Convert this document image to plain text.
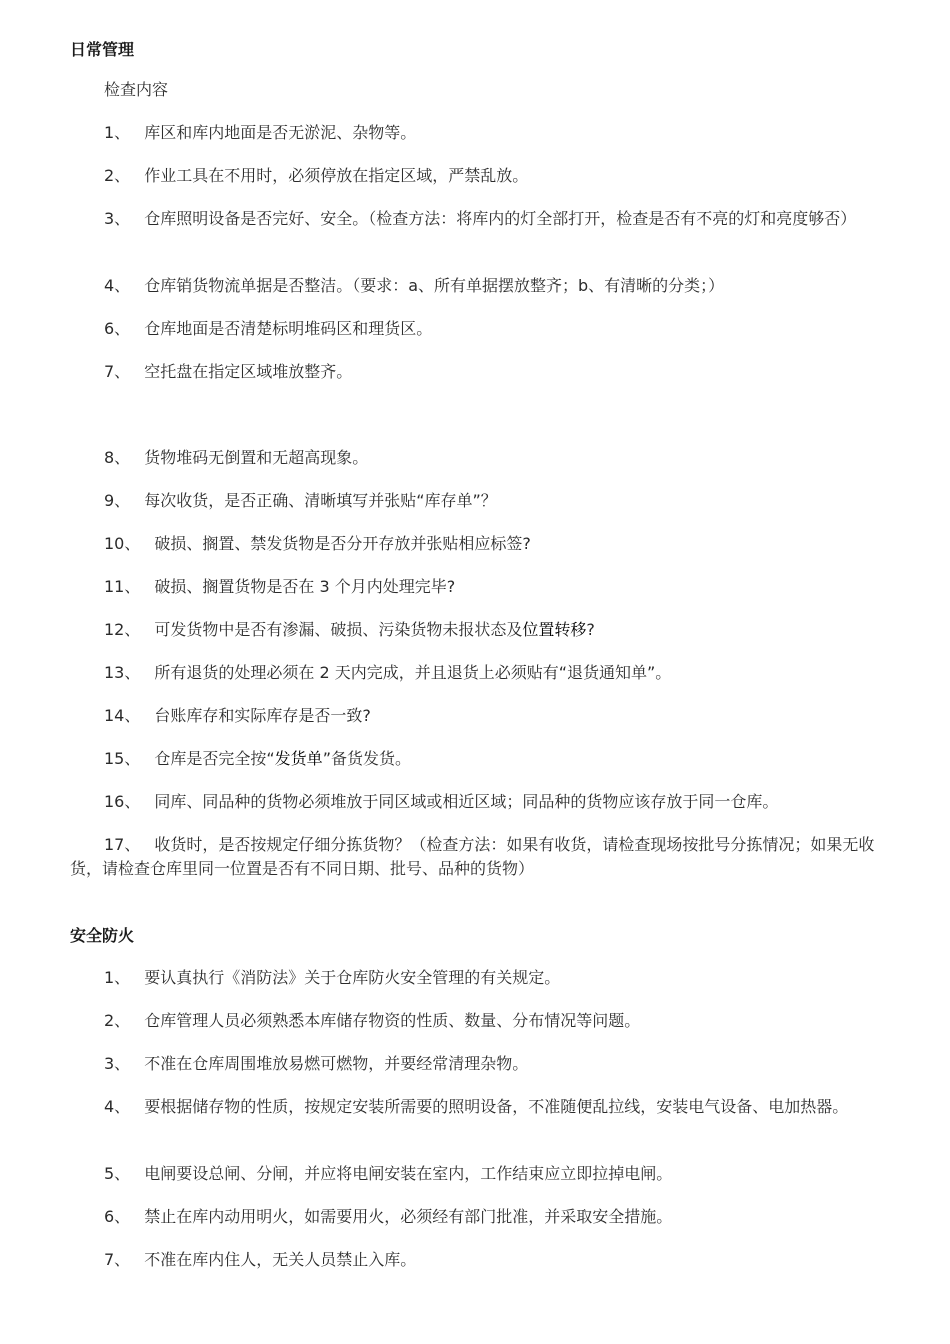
日常管理

检查内容

1、 库区和库内地面是否无淤泥、杂物等。

2、 作业工具在不用时，必须停放在指定区域，严禁乱放。

3、 仓库照明设备是否完好、安全。（检查方法：将库内的灯全部打开，检查是否有不亮的灯和亮度够否）

4、 仓库销货物流单据是否整洁。（要求：a、所有单据摆放整齐；b、有清晰的分类；）

6、 仓库地面是否清楚标明堆码区和理货区。

7、 空托盘在指定区域堆放整齐。

8、 货物堆码无倒置和无超高现象。

9、 每次收货，是否正确、清晰填写并张贴“库存单”？

10、 破损、搁置、禁发货物是否分开存放并张贴相应标签?

11、 破损、搁置货物是否在 3 个月内处理完毕?

12、 可发货物中是否有渗漏、破损、污染货物未报状态及位置转移?

13、 所有退货的处理必须在 2 天内完成，并且退货上必须贴有“退货通知单”。

14、 台账库存和实际库存是否一致?

15、 仓库是否完全按“发货单”备货发货。

16、 同库、同品种的货物必须堆放于同区域或相近区域；同品种的货物应该存放于同一仓库。

17、 收货时，是否按规定仔细分拣货物？（检查方法：如果有收货，请检查现场按批号分拣情况；如果无收货，请检查仓库里同一位置是否有不同日期、批号、品种的货物）

安全防火

1、 要认真执行《消防法》关于仓库防火安全管理的有关规定。

2、 仓库管理人员必须熟悉本库储存物资的性质、数量、分布情况等问题。

3、 不准在仓库周围堆放易燃可燃物，并要经常清理杂物。

4、 要根据储存物的性质，按规定安装所需要的照明设备，不准随便乱拉线，安装电气设备、电加热器。

5、 电闸要设总闸、分闸，并应将电闸安装在室内，工作结束应立即拉掉电闸。

6、 禁止在库内动用明火，如需要用火，必须经有部门批准，并采取安全措施。

7、 不准在库内住人，无关人员禁止入库。
